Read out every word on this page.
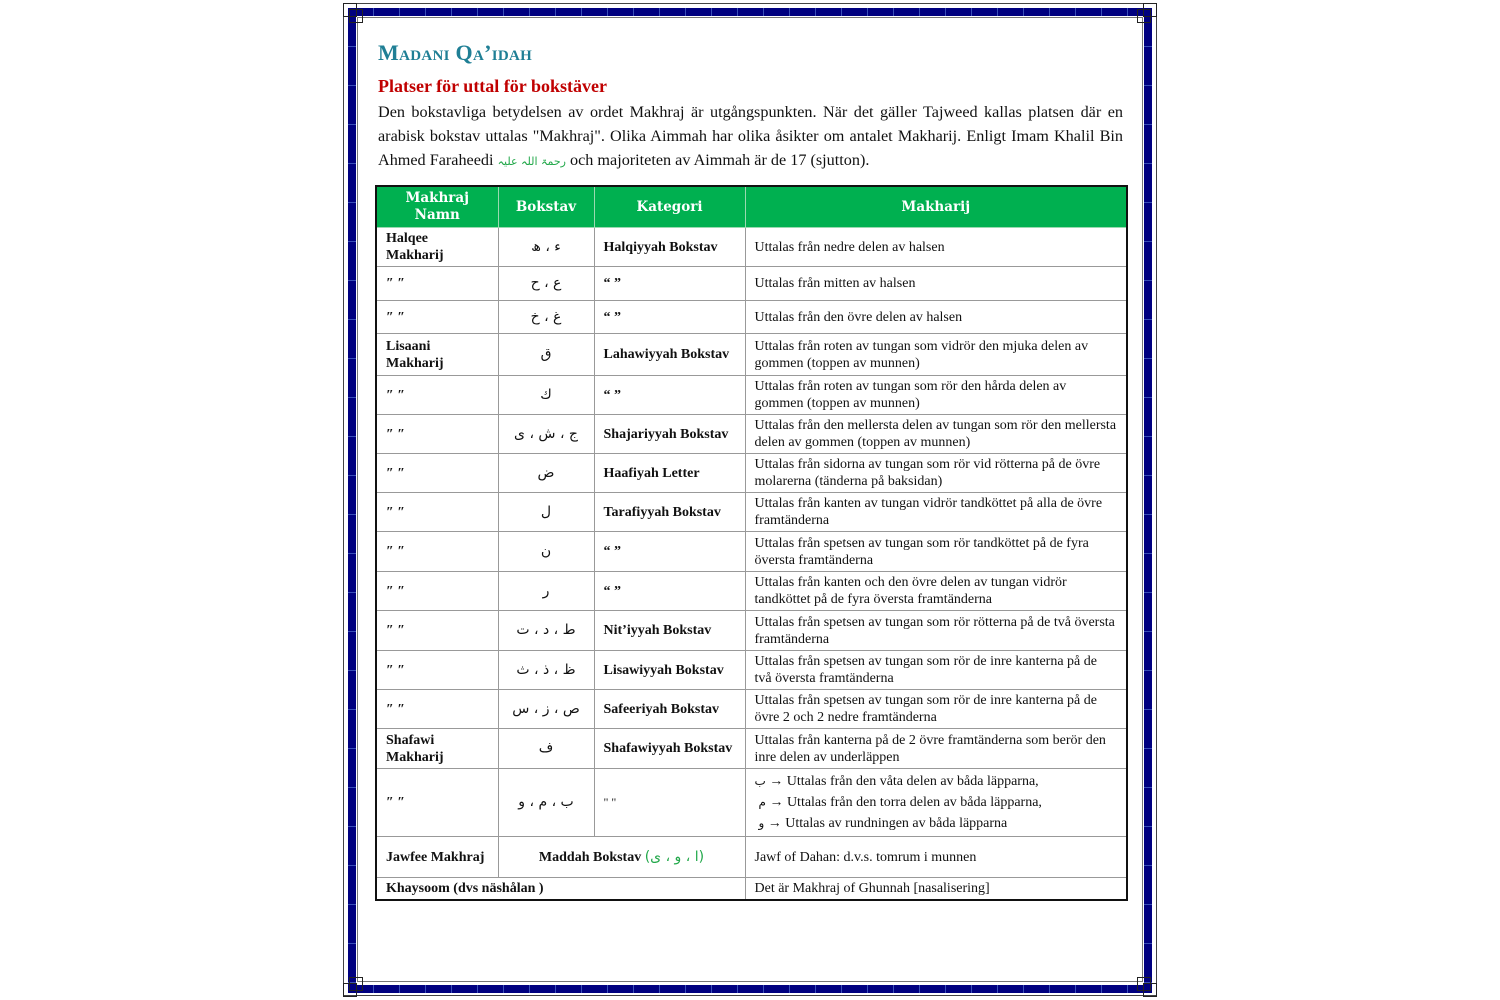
Madani Qa’idah
Platser för uttal för bokstäver

Den bokstavliga betydelsen av ordet Makhraj är utgångspunkten. När det gäller Tajweed kallas platsen där en arabisk bokstav uttalas "Makhraj". Olika Aimmah har olika åsikter om antalet Makharij. Enligt Imam Khalil Bin Ahmed Faraheedi رحمۃ اللہ علیہ och majoriteten av Aimmah är de 17 (sjutton).

Makhraj Namn	Bokstav	Kategori	Makharij
Halqee Makharij	ء ، ھ	Halqiyyah Bokstav	Uttalas från nedre delen av halsen
″ ″	ع ، ح	“ ”	Uttalas från mitten av halsen
″ ″	غ ، خ	“ ”	Uttalas från den övre delen av halsen
Lisaani Makharij	ق	Lahawiyyah Bokstav	Uttalas från roten av tungan som vidrör den mjuka delen av gommen (toppen av munnen)
″ ″	ك	“ ”	Uttalas från roten av tungan som rör den hårda delen av gommen (toppen av munnen)
″ ″	ج ، ش ، ی	Shajariyyah Bokstav	Uttalas från den mellersta delen av tungan som rör den mellersta delen av gommen (toppen av munnen)
″ ″	ض	Haafiyah Letter	Uttalas från sidorna av tungan som rör vid rötterna på de övre molarerna (tänderna på baksidan)
″ ″	ل	Tarafiyyah Bokstav	Uttalas från kanten av tungan vidrör tandköttet på alla de övre framtänderna
″ ″	ن	“ ”	Uttalas från spetsen av tungan som rör tandköttet på de fyra översta framtänderna
″ ″	ر	“ ”	Uttalas från kanten och den övre delen av tungan vidrör tandköttet på de fyra översta framtänderna
″ ″	ط ، د ، ت	Nit’iyyah Bokstav	Uttalas från spetsen av tungan som rör rötterna på de två översta framtänderna
″ ″	ظ ، ذ ، ث	Lisawiyyah Bokstav	Uttalas från spetsen av tungan som rör de inre kanterna på de två översta framtänderna
″ ″	ص ، ز ، س	Safeeriyah Bokstav	Uttalas från spetsen av tungan som rör de inre kanterna på de övre 2 och 2 nedre framtänderna
Shafawi Makharij	ف	Shafawiyyah Bokstav	Uttalas från kanterna på de 2 övre framtänderna som berör den inre delen av underläppen
″ ″	ب ، م ، و	" "	ب → Uttalas från den våta delen av båda läpparna,
م → Uttalas från den torra delen av båda läpparna,
و → Uttalas av rundningen av båda läpparna

Jawfee Makhraj	Maddah Bokstav (ا ، و ، ی)		Jawf of Dahan: d.v.s. tomrum i munnen
Khaysoom (dvs näshålan )			Det är Makhraj of Ghunnah [nasalisering]
